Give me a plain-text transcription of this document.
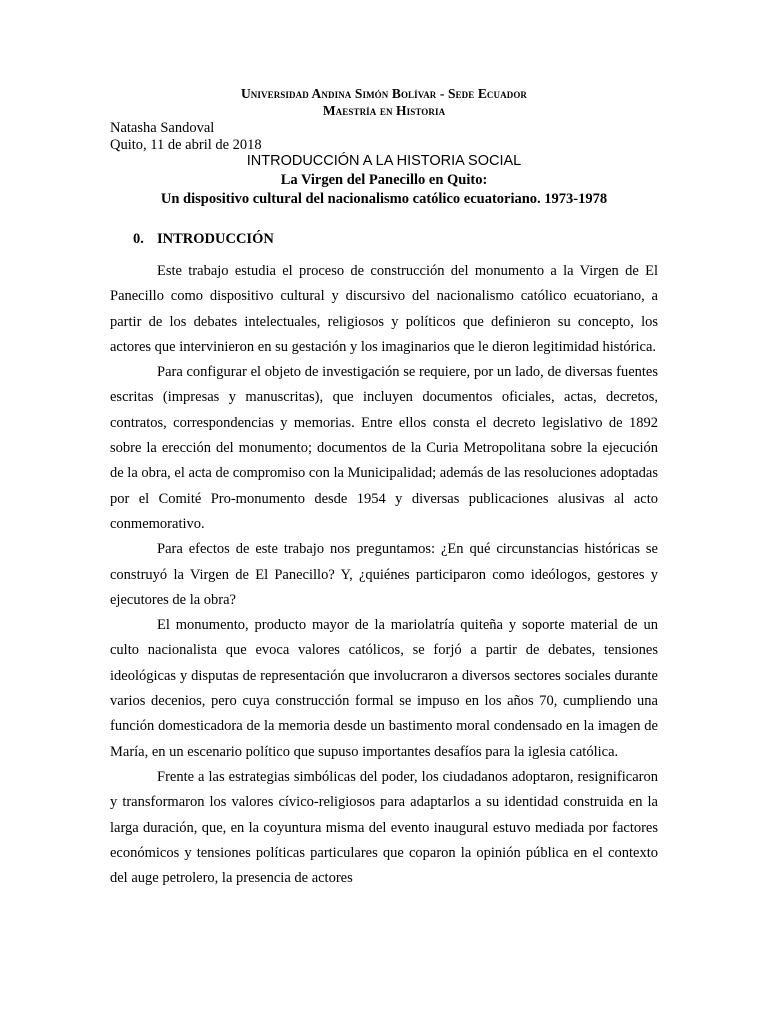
Universidad Andina Simón Bolívar - Sede Ecuador
Maestría en Historia
Natasha Sandoval
Quito, 11 de abril de 2018
INTRODUCCIÓN A LA HISTORIA SOCIAL
La Virgen del Panecillo en Quito:
Un dispositivo cultural del nacionalismo católico ecuatoriano. 1973-1978
0. INTRODUCCIÓN

Este trabajo estudia el proceso de construcción del monumento a la Virgen de El Panecillo como dispositivo cultural y discursivo del nacionalismo católico ecuatoriano, a partir de los debates intelectuales, religiosos y políticos que definieron su concepto, los actores que intervinieron en su gestación y los imaginarios que le dieron legitimidad histórica.

Para configurar el objeto de investigación se requiere, por un lado, de diversas fuentes escritas (impresas y manuscritas), que incluyen documentos oficiales, actas, decretos, contratos, correspondencias y memorias. Entre ellos consta el decreto legislativo de 1892 sobre la erección del monumento; documentos de la Curia Metropolitana sobre la ejecución de la obra, el acta de compromiso con la Municipalidad; además de las resoluciones adoptadas por el Comité Pro-monumento desde 1954 y diversas publicaciones alusivas al acto conmemorativo.

Para efectos de este trabajo nos preguntamos: ¿En qué circunstancias históricas se construyó la Virgen de El Panecillo? Y, ¿quiénes participaron como ideólogos, gestores y ejecutores de la obra?

El monumento, producto mayor de la mariolatría quiteña y soporte material de un culto nacionalista que evoca valores católicos, se forjó a partir de debates, tensiones ideológicas y disputas de representación que involucraron a diversos sectores sociales durante varios decenios, pero cuya construcción formal se impuso en los años 70, cumpliendo una función domesticadora de la memoria desde un bastimento moral condensado en la imagen de María, en un escenario político que supuso importantes desafíos para la iglesia católica.

Frente a las estrategias simbólicas del poder, los ciudadanos adoptaron, resignificaron y transformaron los valores cívico-religiosos para adaptarlos a su identidad construida en la larga duración, que, en la coyuntura misma del evento inaugural estuvo mediada por factores económicos y tensiones políticas particulares que coparon la opinión pública en el contexto del auge petrolero, la presencia de actores
